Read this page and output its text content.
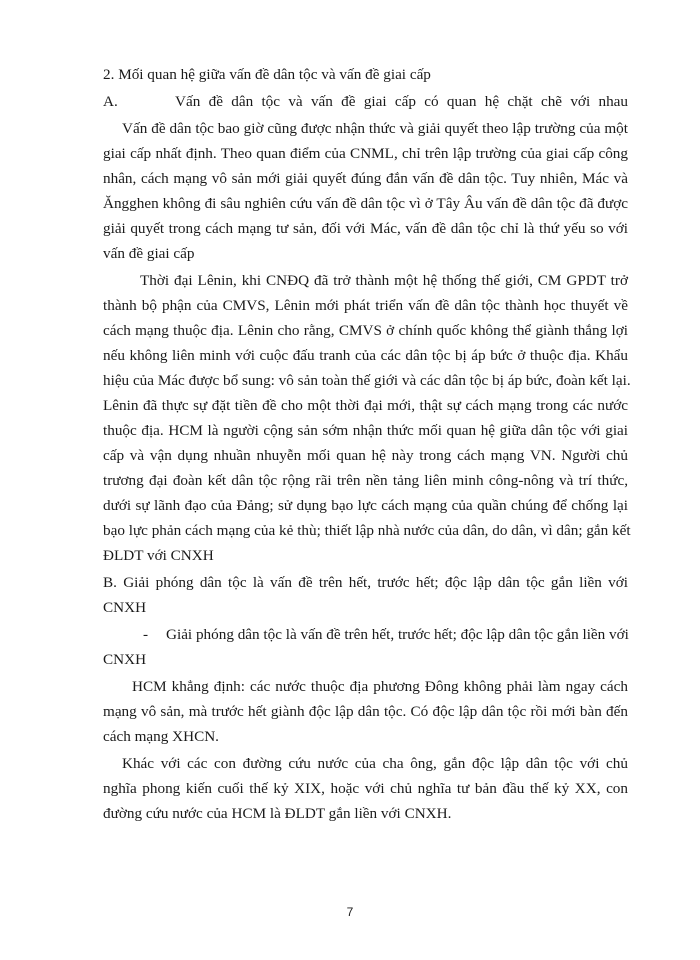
2. Mối quan hệ giữa vấn đề dân tộc và vấn đề giai cấp
A.	Vấn đề dân tộc và vấn đề giai cấp có quan hệ chặt chẽ với nhau
Vấn đề dân tộc bao giờ cũng được nhận thức và giải quyết theo lập trường của một
giai cấp nhất định. Theo quan điểm của CNML, chỉ trên lập trường của giai cấp công
nhân, cách mạng vô sản mới giải quyết đúng đắn vấn đề dân tộc. Tuy nhiên, Mác và
Ăngghen không đi sâu nghiên cứu vấn đề dân tộc vì ở Tây Âu vấn đề dân tộc đã được
giải quyết trong cách mạng tư sản, đối với Mác, vấn đề dân tộc chỉ là thứ yếu so với
vấn đề giai cấp
Thời đại Lênin, khi CNĐQ đã trở thành một hệ thống thế giới, CM GPDT trở
thành bộ phận của CMVS, Lênin mới phát triển vấn đề dân tộc thành học thuyết về
cách mạng thuộc địa. Lênin cho rằng, CMVS ở chính quốc không thể giành thắng lợi
nếu không liên minh với cuộc đấu tranh của các dân tộc bị áp bức ở thuộc địa. Khẩu
hiệu của Mác được bổ sung: vô sản toàn thế giới và các dân tộc bị áp bức, đoàn kết lại.
Lênin đã thực sự đặt tiền đề cho một thời đại mới, thật sự cách mạng trong các nước
thuộc địa. HCM là người cộng sản sớm nhận thức mối quan hệ giữa dân tộc với giai
cấp và vận dụng nhuần nhuyễn mối quan hệ này trong cách mạng VN. Người chủ
trương đại đoàn kết dân tộc rộng rãi trên nền tảng liên minh công-nông và trí thức,
dưới sự lãnh đạo của Đảng; sử dụng bạo lực cách mạng của quần chúng để chống lại
bạo lực phản cách mạng của kẻ thù; thiết lập nhà nước của dân, do dân, vì dân; gắn kết
ĐLDT với CNXH
B. Giải phóng dân tộc là vấn đề trên hết, trước hết; độc lập dân tộc gắn liền với
CNXH
- Giải phóng dân tộc là vấn đề trên hết, trước hết; độc lập dân tộc gắn liền với
CNXH
HCM khẳng định: các nước thuộc địa phương Đông không phải làm ngay cách
mạng vô sản, mà trước hết giành độc lập dân tộc. Có độc lập dân tộc rồi mới bàn đến
cách mạng XHCN.
Khác với các con đường cứu nước của cha ông, gắn độc lập dân tộc với chủ
nghĩa phong kiến cuối thế kỷ XIX, hoặc với chủ nghĩa tư bản đầu thế kỷ XX, con
đường cứu nước của HCM là ĐLDT gắn liền với CNXH.
7
